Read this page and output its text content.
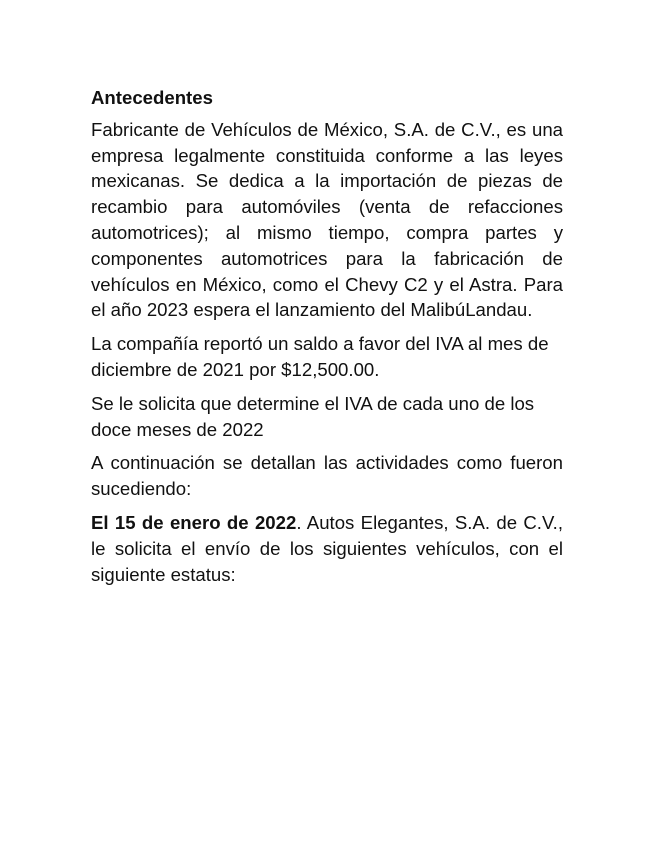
Antecedentes

Fabricante de Vehículos de México, S.A. de C.V., es una empresa legalmente constituida conforme a las leyes mexicanas. Se dedica a la importación de piezas de recambio para automóviles (venta de refacciones automotrices); al mismo tiempo, compra partes y componentes automotrices para la fabricación de vehículos en México, como el Chevy C2 y el Astra. Para el año 2023 espera el lanzamiento del MalibúLandau.

La compañía reportó un saldo a favor del IVA al mes de diciembre de 2021 por $12,500.00.

Se le solicita que determine el IVA de cada uno de los doce meses de 2022

A continuación se detallan las actividades como fueron sucediendo:

El 15 de enero de 2022. Autos Elegantes, S.A. de C.V., le solicita el envío de los siguientes vehículos, con el siguiente estatus:
